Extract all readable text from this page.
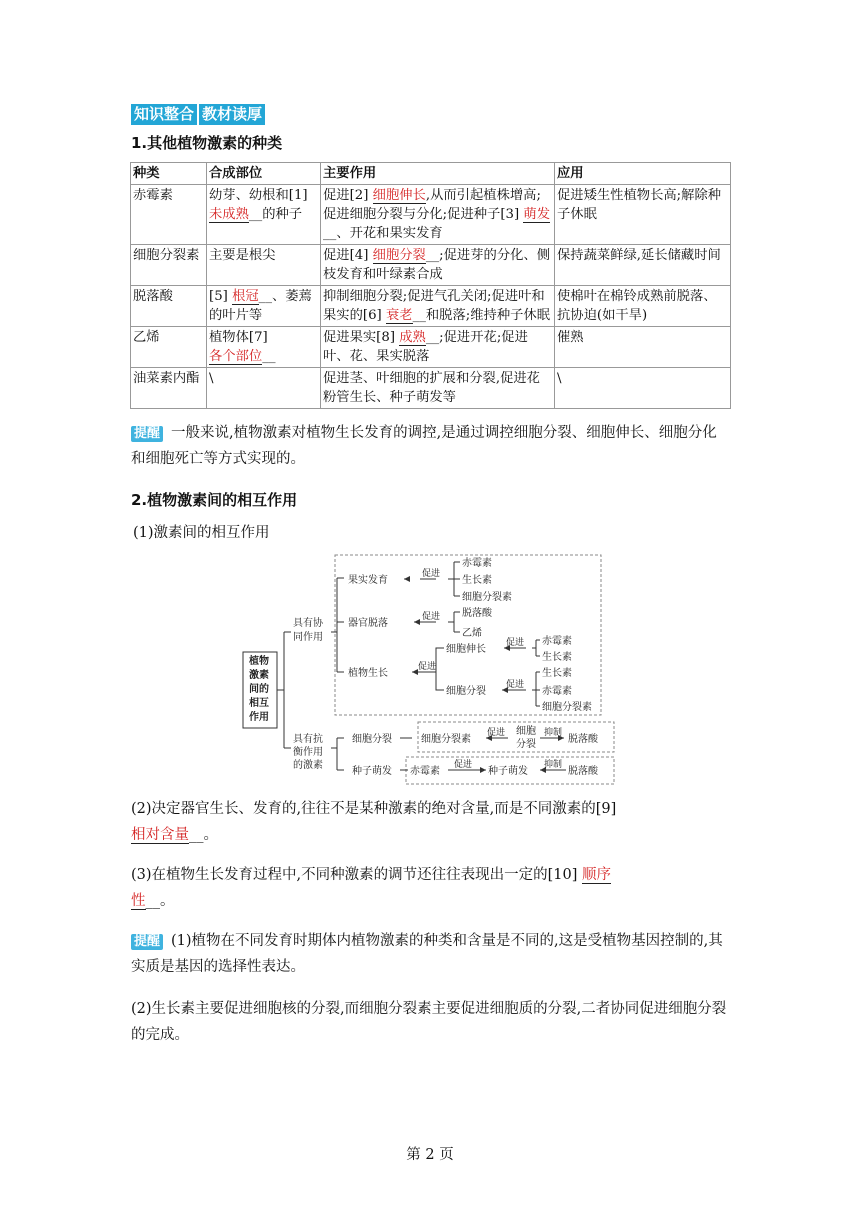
知识整合 教材读厚
1.其他植物激素的种类
种类	合成部位	主要作用	应用
赤霉素	幼芽、幼根和[1]未成熟__的种子	促进[2] 细胞伸长,从而引起植株增高;促进细胞分裂与分化;促进种子[3] 萌发__、开花和果实发育	促进矮生性植物长高;解除种子休眠
细胞分裂素	主要是根尖	促进[4] 细胞分裂__;促进芽的分化、侧枝发育和叶绿素合成	保持蔬菜鲜绿,延长储藏时间
脱落酸	[5] 根冠__、萎蔫的叶片等	抑制细胞分裂;促进气孔关闭;促进叶和果实的[6] 衰老__和脱落;维持种子休眠	使棉叶在棉铃成熟前脱落、抗协迫(如干旱)
乙烯	植物体[7] 各个部位__	促进果实[8] 成熟__;促进开花;促进叶、花、果实脱落	催熟
油菜素内酯	\	促进茎、叶细胞的扩展和分裂,促进花粉管生长、种子萌发等	\
提醒 一般来说,植物激素对植物生长发育的调控,是通过调控细胞分裂、细胞伸长、细胞分化和细胞死亡等方式实现的。
2.植物激素间的相互作用
(1)激素间的相互作用
植物
激素
间的
相互
作用
具有协
同作用
具有抗
衡作用
的激素
果实发育
促进
赤霉素
生长素
细胞分裂素
器官脱落
促进 脱落酸
乙烯
植物生长
促进
细胞伸长
细胞分裂
促进
促进
赤霉素
生长素
生长素
赤霉素
细胞分裂素
细胞分裂	细胞分裂素
促进 细胞
分裂
抑制
脱落酸
种子萌发 赤霉素
促进
种子萌发
抑制
脱落酸
(2)决定器官生长、发育的,往往不是某种激素的绝对含量,而是不同激素的[9]
相对含量__。
(3)在植物生长发育过程中,不同种激素的调节还往往表现出一定的[10] 顺序
性__。
提醒 (1)植物在不同发育时期体内植物激素的种类和含量是不同的,这是受植物基因控制的,其实质是基因的选择性表达。
(2)生长素主要促进细胞核的分裂,而细胞分裂素主要促进细胞质的分裂,二者协同促进细胞分裂的完成。
第 2 页
